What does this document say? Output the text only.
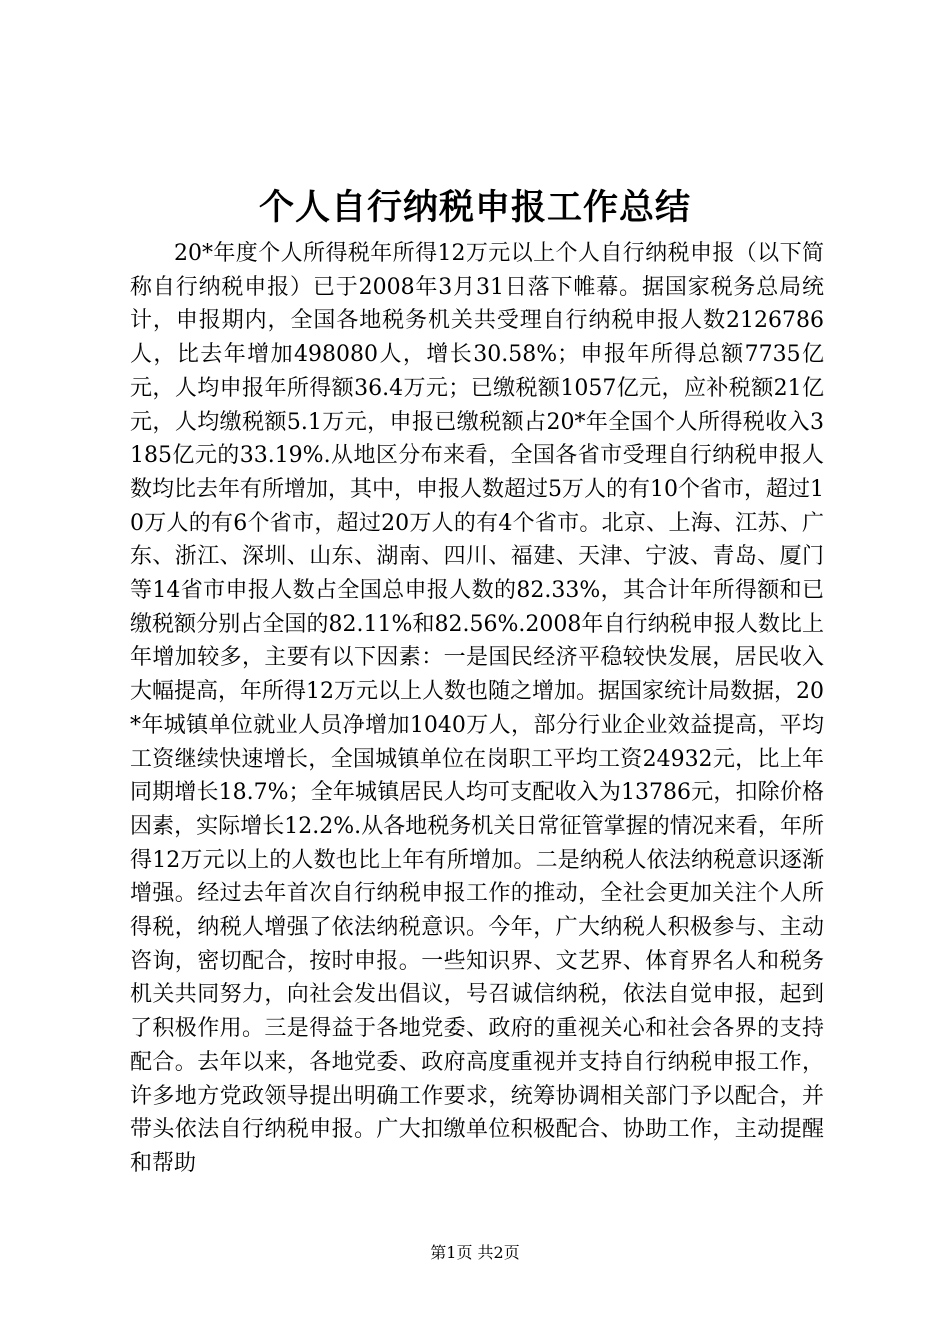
个人自行纳税申报工作总结

20*年度个人所得税年所得12万元以上个人自行纳税申报（以下简称自行纳税申报）已于2008年3月31日落下帷幕。据国家税务总局统计，申报期内，全国各地税务机关共受理自行纳税申报人数2126786人，比去年增加498080人，增长30.58%；申报年所得总额7735亿元，人均申报年所得额36.4万元；已缴税额1057亿元，应补税额21亿元，人均缴税额5.1万元，申报已缴税额占20*年全国个人所得税收入3185亿元的33.19%.从地区分布来看，全国各省市受理自行纳税申报人数均比去年有所增加，其中，申报人数超过5万人的有10个省市，超过10万人的有6个省市，超过20万人的有4个省市。北京、上海、江苏、广东、浙江、深圳、山东、湖南、四川、福建、天津、宁波、青岛、厦门等14省市申报人数占全国总申报人数的82.33%，其合计年所得额和已缴税额分别占全国的82.11%和82.56%.2008年自行纳税申报人数比上年增加较多，主要有以下因素：一是国民经济平稳较快发展，居民收入大幅提高，年所得12万元以上人数也随之增加。据国家统计局数据，20*年城镇单位就业人员净增加1040万人，部分行业企业效益提高，平均工资继续快速增长，全国城镇单位在岗职工平均工资24932元，比上年同期增长18.7%；全年城镇居民人均可支配收入为13786元，扣除价格因素，实际增长12.2%.从各地税务机关日常征管掌握的情况来看，年所得12万元以上的人数也比上年有所增加。二是纳税人依法纳税意识逐渐增强。经过去年首次自行纳税申报工作的推动，全社会更加关注个人所得税，纳税人增强了依法纳税意识。今年，广大纳税人积极参与、主动咨询，密切配合，按时申报。一些知识界、文艺界、体育界名人和税务机关共同努力，向社会发出倡议，号召诚信纳税，依法自觉申报，起到了积极作用。三是得益于各地党委、政府的重视关心和社会各界的支持配合。去年以来，各地党委、政府高度重视并支持自行纳税申报工作，许多地方党政领导提出明确工作要求，统筹协调相关部门予以配合，并带头依法自行纳税申报。广大扣缴单位积极配合、协助工作，主动提醒和帮助

第1页 共2页
